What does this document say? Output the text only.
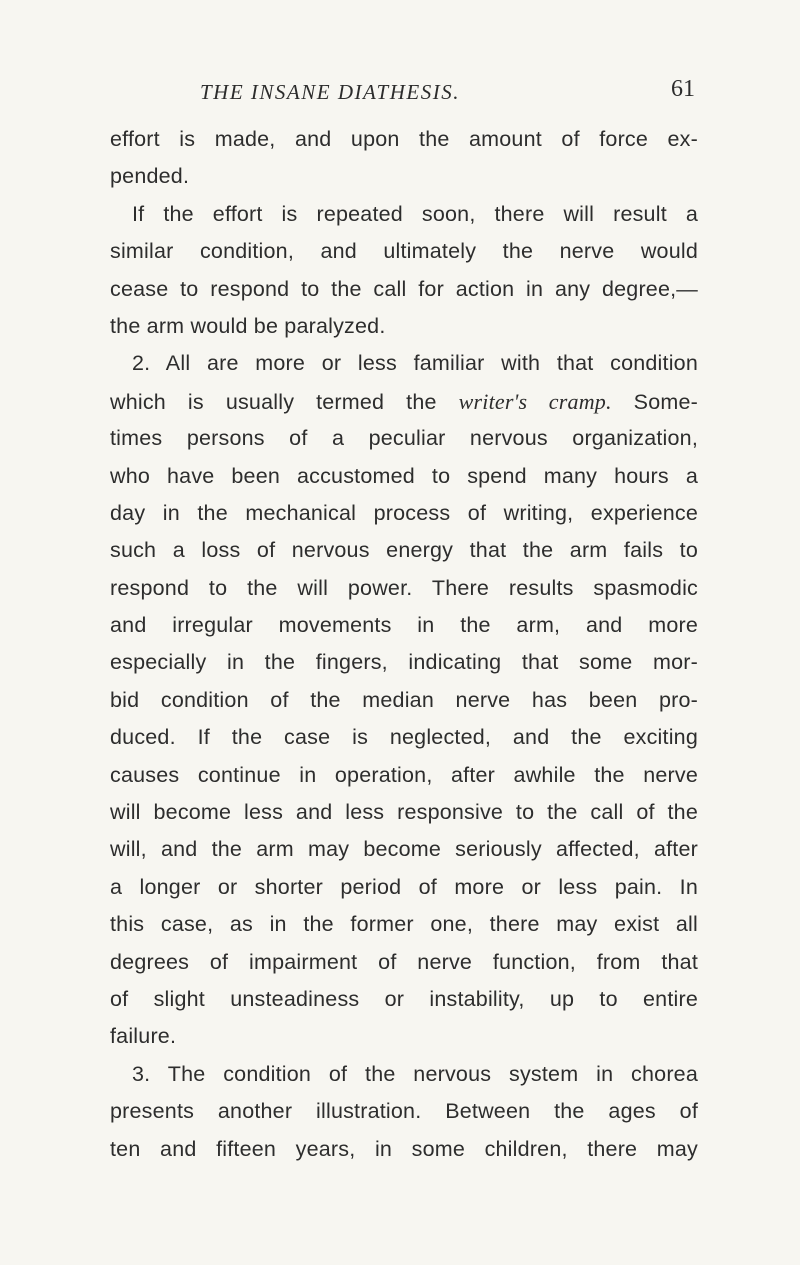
THE INSANE DIATHESIS.	61
effort is made, and upon the amount of force ex-
pended.
If the effort is repeated soon, there will result a
similar condition, and ultimately the nerve would
cease to respond to the call for action in any degree,—
the arm would be paralyzed.
2. All are more or less familiar with that condition
which is usually termed the writer's cramp. Some-
times persons of a peculiar nervous organization,
who have been accustomed to spend many hours a
day in the mechanical process of writing, experience
such a loss of nervous energy that the arm fails to
respond to the will power. There results spasmodic
and irregular movements in the arm, and more
especially in the fingers, indicating that some mor-
bid condition of the median nerve has been pro-
duced. If the case is neglected, and the exciting
causes continue in operation, after awhile the nerve
will become less and less responsive to the call of the
will, and the arm may become seriously affected, after
a longer or shorter period of more or less pain. In
this case, as in the former one, there may exist all
degrees of impairment of nerve function, from that
of slight unsteadiness or instability, up to entire
failure.
3. The condition of the nervous system in chorea
presents another illustration. Between the ages of
ten and fifteen years, in some children, there may
